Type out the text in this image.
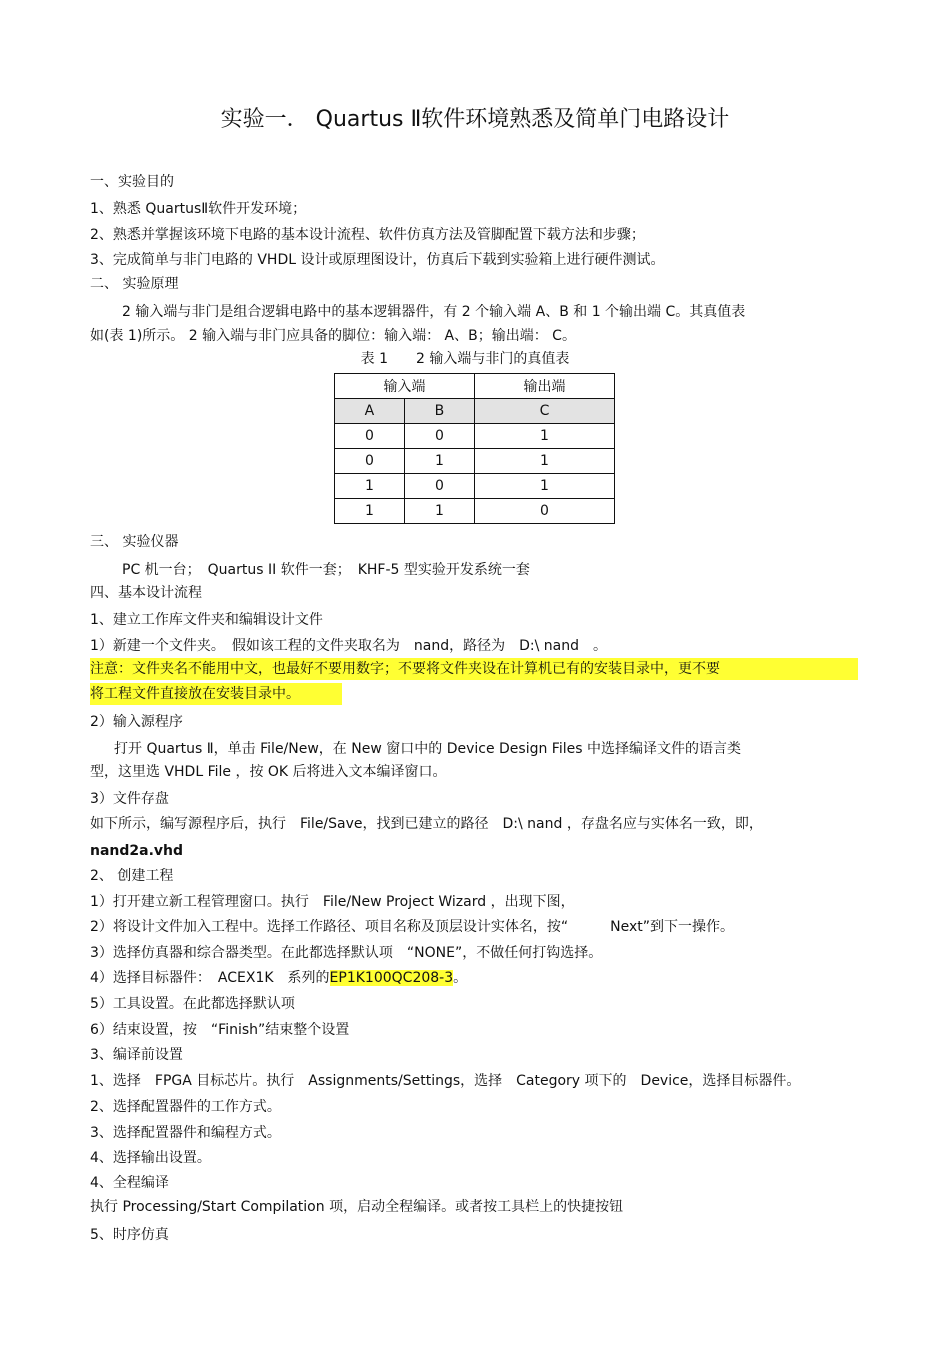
实验一． Quartus Ⅱ软件环境熟悉及简单门电路设计
一、实验目的
1、熟悉 QuartusⅡ软件开发环境；
2、熟悉并掌握该环境下电路的基本设计流程、软件仿真方法及管脚配置下载方法和步骤；
3、完成简单与非门电路的 VHDL 设计或原理图设计，仿真后下载到实验箱上进行硬件测试。
二、 实验原理
2 输入端与非门是组合逻辑电路中的基本逻辑器件，有 2 个输入端 A、B 和 1 个输出端 C。其真值表
如(表 1)所示。 2 输入端与非门应具备的脚位：输入端： A、B；输出端： C。
表 1　　2 输入端与非门的真值表
输入端		输出端
A	B	C
0	0	1
0	1	1
1	0	1
1	1	0
三、 实验仪器
PC 机一台；　Quartus II 软件一套；　KHF-5 型实验开发系统一套
四、基本设计流程
1、建立工作库文件夹和编辑设计文件
1）新建一个文件夹。　假如该工程的文件夹取名为　nand，路径为　D:\ nand　。
注意：文件夹名不能用中文，也最好不要用数字；不要将文件夹设在计算机已有的安装目录中，更不要
将工程文件直接放在安装目录中。
2）输入源程序
打开 Quartus Ⅱ，单击 File/New，在 New 窗口中的 Device Design Files 中选择编译文件的语言类
型，这里选 VHDL File ，按 OK 后将进入文本编译窗口。
3）文件存盘
如下所示，编写源程序后，执行　File/Save，找到已建立的路径　D:\ nand ，存盘名应与实体名一致，即，
nand2a.vhd
2、 创建工程
1）打开建立新工程管理窗口。执行　File/New Project Wizard ，出现下图，
2）将设计文件加入工程中。选择工作路径、项目名称及顶层设计实体名，按“　　　Next”到下一操作。
3）选择仿真器和综合器类型。在此都选择默认项　“NONE”，不做任何打钩选择。
4）选择目标器件：　ACEX1K　系列的EP1K100QC208-3。
5）工具设置。在此都选择默认项
6）结束设置，按　“Finish”结束整个设置
3、编译前设置
1、选择　FPGA 目标芯片。执行　Assignments/Settings，选择　Category 项下的　Device，选择目标器件。
2、选择配置器件的工作方式。
3、选择配置器件和编程方式。
4、选择输出设置。
4、全程编译
执行 Processing/Start Compilation 项，启动全程编译。或者按工具栏上的快捷按钮
5、时序仿真
